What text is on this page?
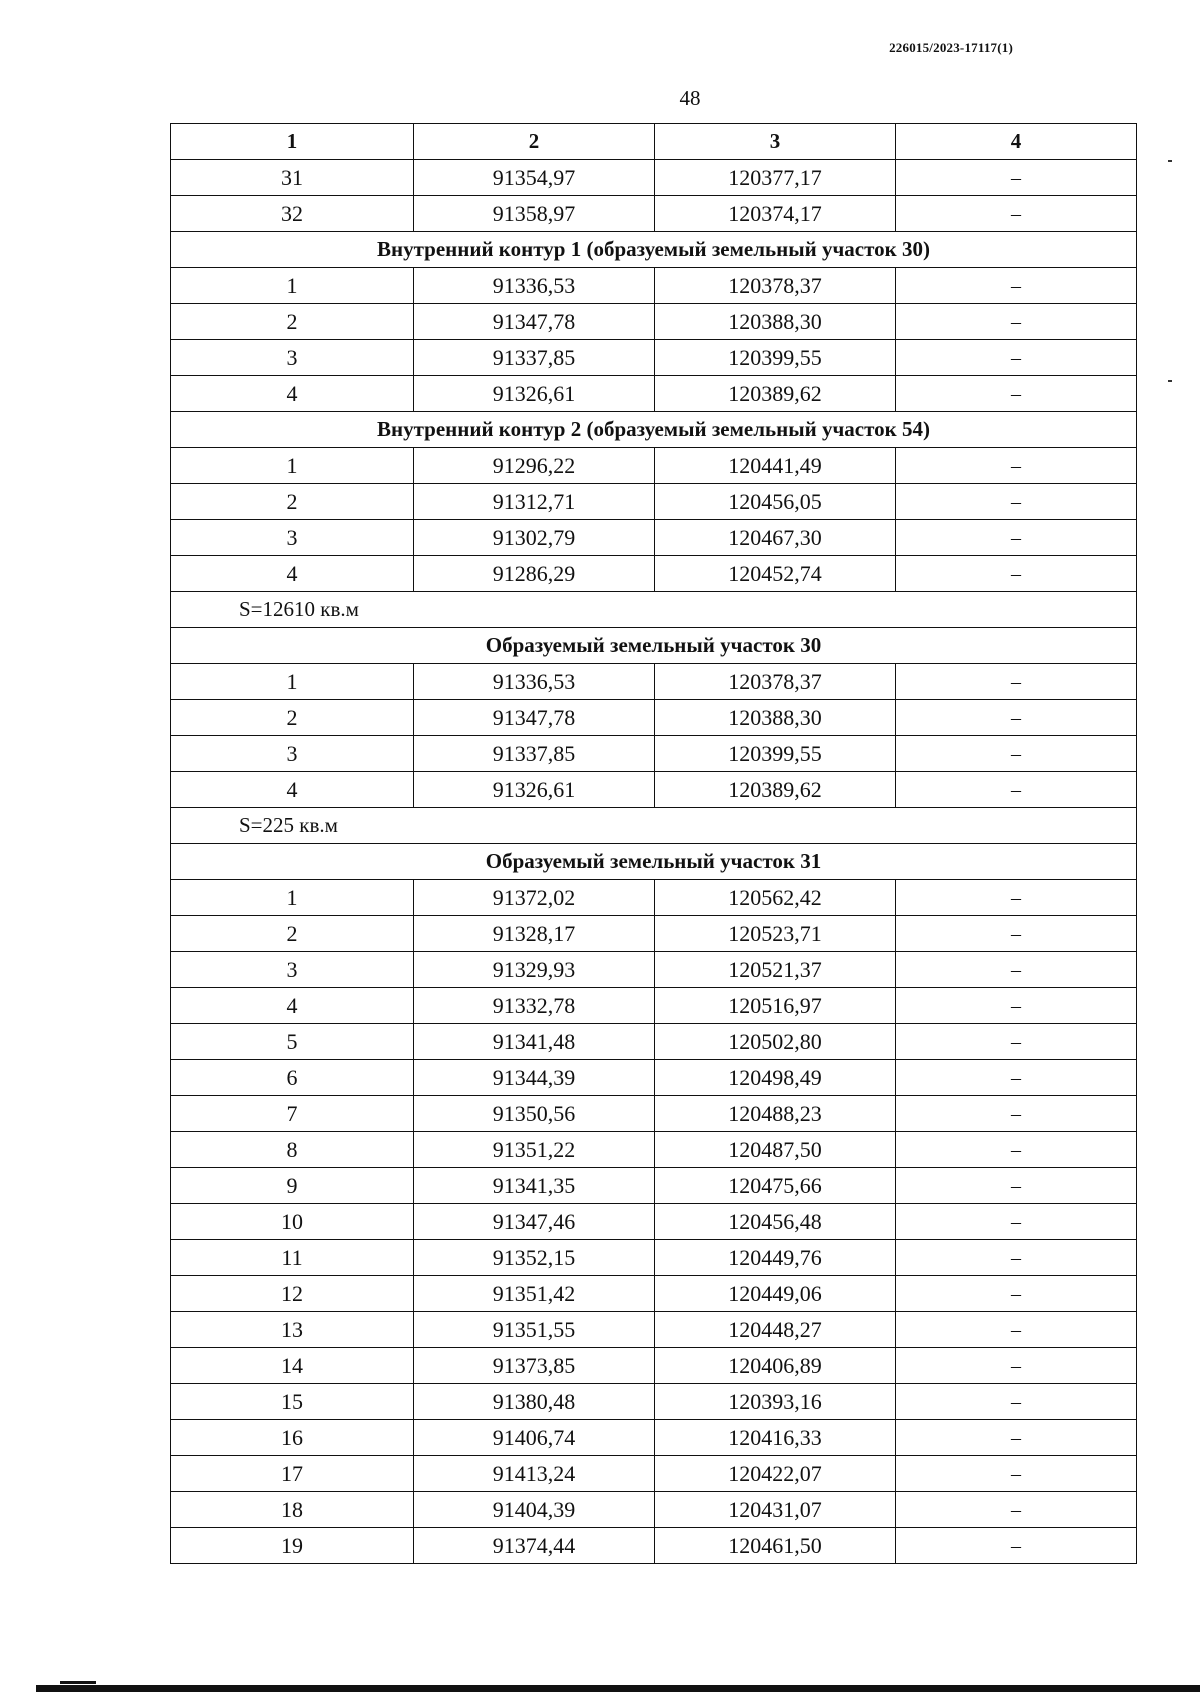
226015/2023-17117(1)
48
1	2	3	4
31	91354,97	120377,17	–
32	91358,97	120374,17	–
Внутренний контур 1 (образуемый земельный участок 30)			
1	91336,53	120378,37	–
2	91347,78	120388,30	–
3	91337,85	120399,55	–
4	91326,61	120389,62	–
Внутренний контур 2 (образуемый земельный участок 54)			
1	91296,22	120441,49	–
2	91312,71	120456,05	–
3	91302,79	120467,30	–
4	91286,29	120452,74	–
S=12610 кв.м			
Образуемый земельный участок 30			
1	91336,53	120378,37	–
2	91347,78	120388,30	–
3	91337,85	120399,55	–
4	91326,61	120389,62	–
S=225 кв.м			
Образуемый земельный участок 31			
1	91372,02	120562,42	–
2	91328,17	120523,71	–
3	91329,93	120521,37	–
4	91332,78	120516,97	–
5	91341,48	120502,80	–
6	91344,39	120498,49	–
7	91350,56	120488,23	–
8	91351,22	120487,50	–
9	91341,35	120475,66	–
10	91347,46	120456,48	–
11	91352,15	120449,76	–
12	91351,42	120449,06	–
13	91351,55	120448,27	–
14	91373,85	120406,89	–
15	91380,48	120393,16	–
16	91406,74	120416,33	–
17	91413,24	120422,07	–
18	91404,39	120431,07	–
19	91374,44	120461,50	–
